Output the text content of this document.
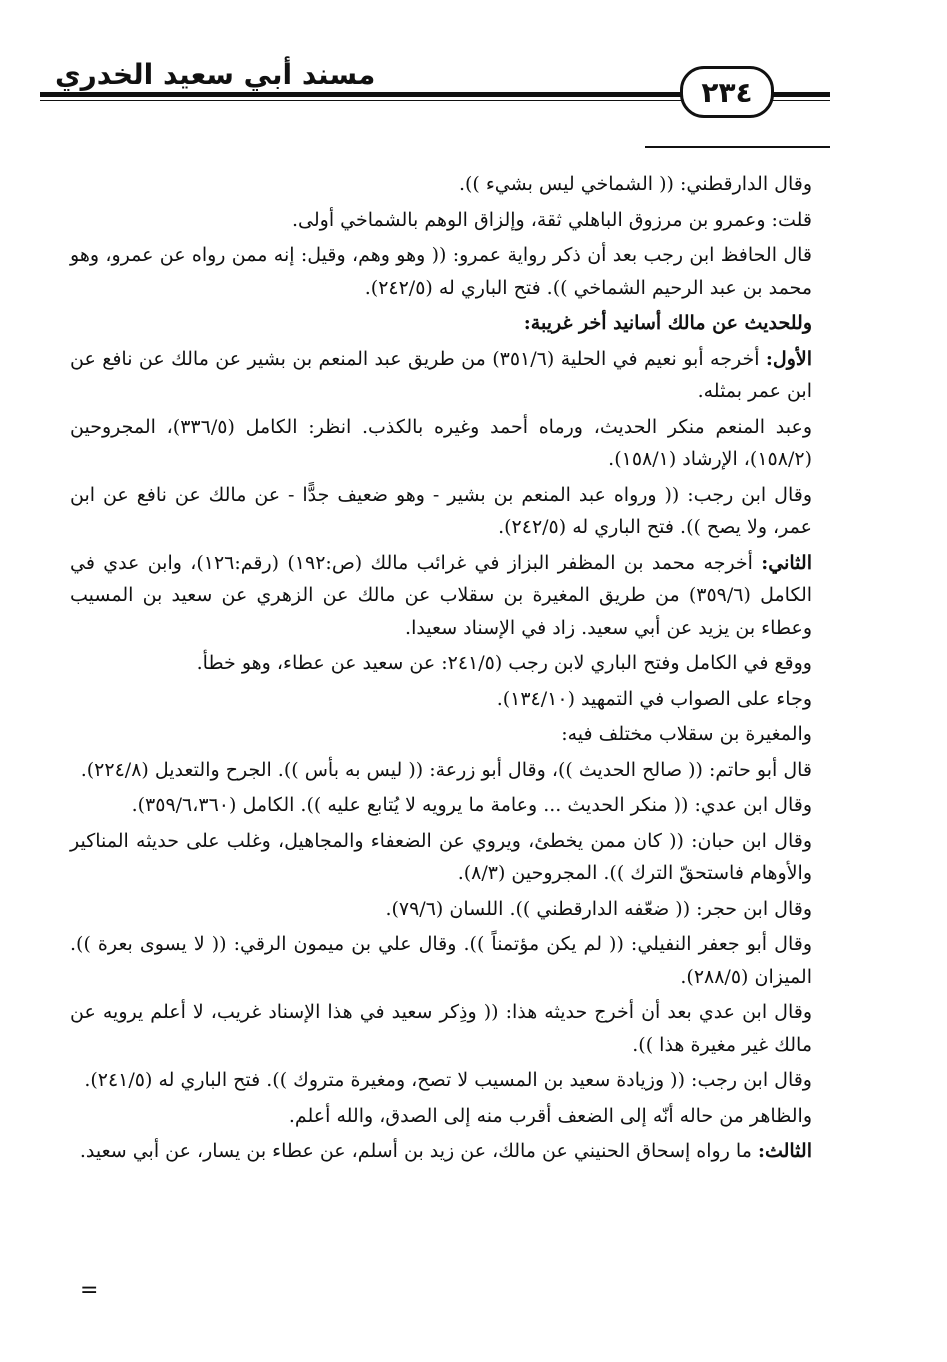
مسند أبي سعيد الخدري
٢٣٤

وقال الدارقطني: (( الشماخي ليس بشيء )).

قلت: وعمرو بن مرزوق الباهلي ثقة، وإلزاق الوهم بالشماخي أولى.

قال الحافظ ابن رجب بعد أن ذكر رواية عمرو: (( وهو وهم، وقيل: إنه ممن رواه عن عمرو، وهو محمد بن عبد الرحيم الشماخي )). فتح الباري له (٢٤٢/٥).

وللحديث عن مالك أسانيد أخر غريبة:

الأول: أخرجه أبو نعيم في الحلية (٣٥١/٦) من طريق عبد المنعم بن بشير عن مالك عن نافع عن ابن عمر بمثله.

وعبد المنعم منكر الحديث، ورماه أحمد وغيره بالكذب. انظر: الكامل (٣٣٦/٥)، المجروحين (١٥٨/٢)، الإرشاد (١٥٨/١).

وقال ابن رجب: (( ورواه عبد المنعم بن بشير - وهو ضعيف جدًّا - عن مالك عن نافع عن ابن عمر، ولا يصح )). فتح الباري له (٢٤٢/٥).

الثاني: أخرجه محمد بن المظفر البزاز في غرائب مالك (ص:١٩٢) (رقم:١٢٦)، وابن عدي في الكامل (٣٥٩/٦) من طريق المغيرة بن سقلاب عن مالك عن الزهري عن سعيد بن المسيب وعطاء بن يزيد عن أبي سعيد. زاد في الإسناد سعيدا.

ووقع في الكامل وفتح الباري لابن رجب (٢٤١/٥: عن سعيد عن عطاء، وهو خطأ.

وجاء على الصواب في التمهيد (١٣٤/١٠).

والمغيرة بن سقلاب مختلف فيه:

قال أبو حاتم: (( صالح الحديث ))، وقال أبو زرعة: (( ليس به بأس )). الجرح والتعديل (٢٢٤/٨).

وقال ابن عدي: (( منكر الحديث ... وعامة ما يرويه لا يُتابع عليه )). الكامل (٣٥٩/٦،٣٦٠).

وقال ابن حبان: (( كان ممن يخطئ، ويروي عن الضعفاء والمجاهيل، وغلب على حديثه المناكير والأوهام فاستحقّ الترك )). المجروحين (٨/٣).

وقال ابن حجر: (( ضعّفه الدارقطني )). اللسان (٧٩/٦).

وقال أبو جعفر النفيلي: (( لم يكن مؤتمناً )). وقال علي بن ميمون الرقي: (( لا يسوى بعرة )). الميزان (٢٨٨/٥).

وقال ابن عدي بعد أن أخرج حديثه هذا: (( وذِكر سعيد في هذا الإسناد غريب، لا أعلم يرويه عن مالك غير مغيرة هذا )).

وقال ابن رجب: (( وزيادة سعيد بن المسيب لا تصح، ومغيرة متروك )). فتح الباري له (٢٤١/٥).

والظاهر من حاله أنّه إلى الضعف أقرب منه إلى الصدق، والله أعلم.

الثالث: ما رواه إسحاق الحنيني عن مالك، عن زيد بن أسلم، عن عطاء بن يسار، عن أبي سعيد.

=
